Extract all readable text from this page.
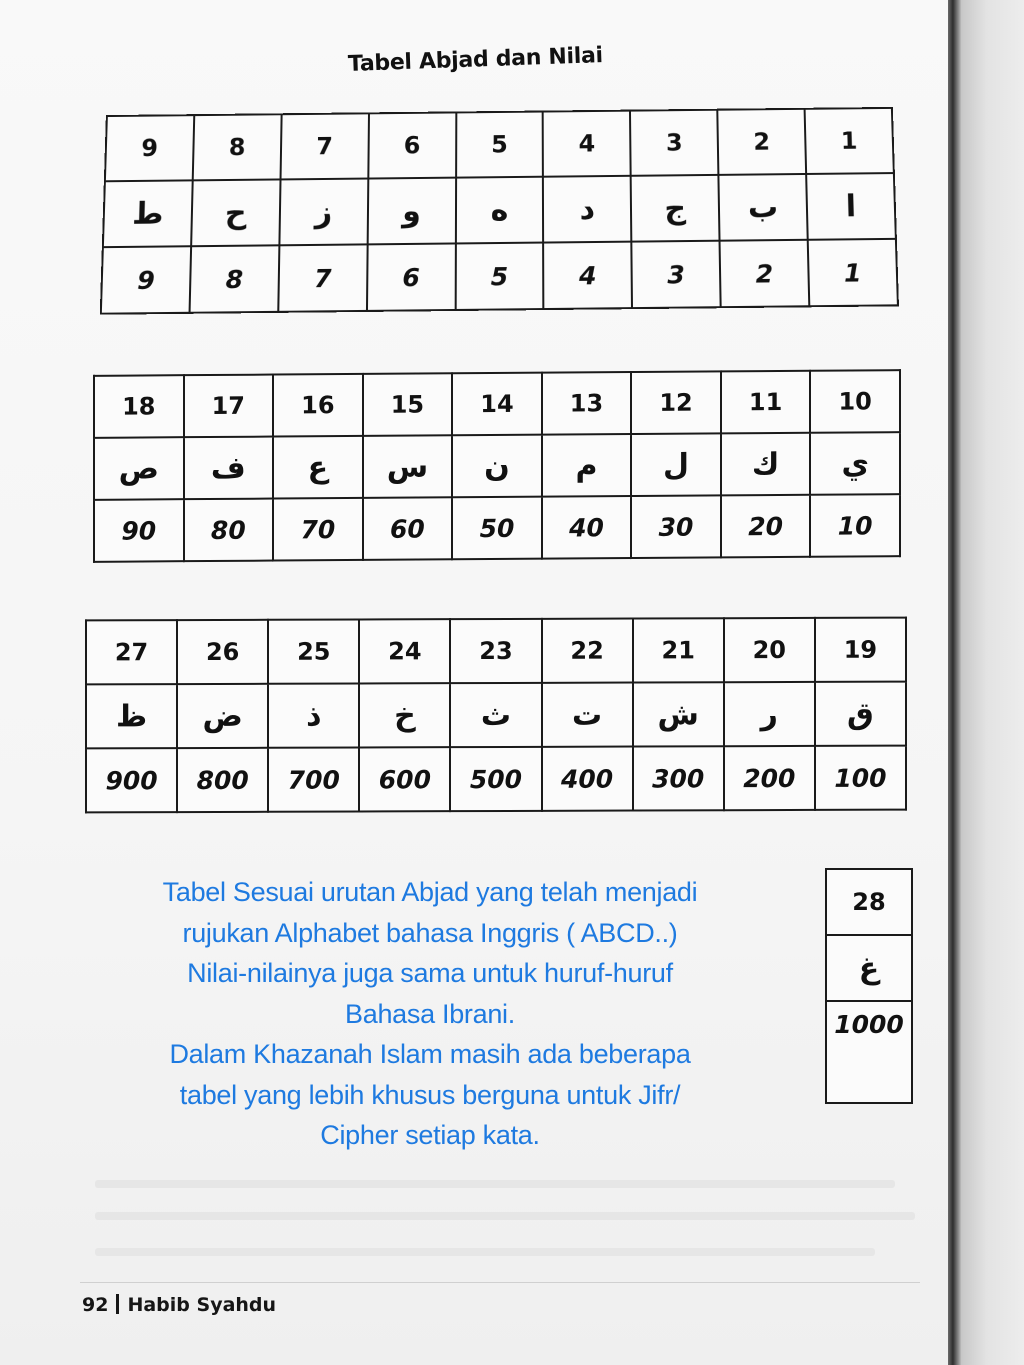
Tabel Abjad dan Nilai
9	8	7	6	5	4	3	2	1
ط	ح	ز	و	ه	د	ج	ب	ا
9	8	7	6	5	4	3	2	1
18	17	16	15	14	13	12	11	10
ص	ف	ع	س	ن	م	ل	ك	ي
90	80	70	60	50	40	30	20	10
27	26	25	24	23	22	21	20	19
ظ	ض	ذ	خ	ث	ت	ش	ر	ق
900	800	700	600	500	400	300	200	100
28
غ
1000
Tabel Sesuai urutan Abjad yang telah menjadi
rujukan Alphabet bahasa Inggris ( ABCD..)
Nilai-nilainya juga sama untuk huruf-huruf
Bahasa Ibrani.
Dalam Khazanah Islam masih ada beberapa
tabel yang lebih khusus berguna untuk Jifr/
Cipher setiap kata.
92 Habib Syahdu
